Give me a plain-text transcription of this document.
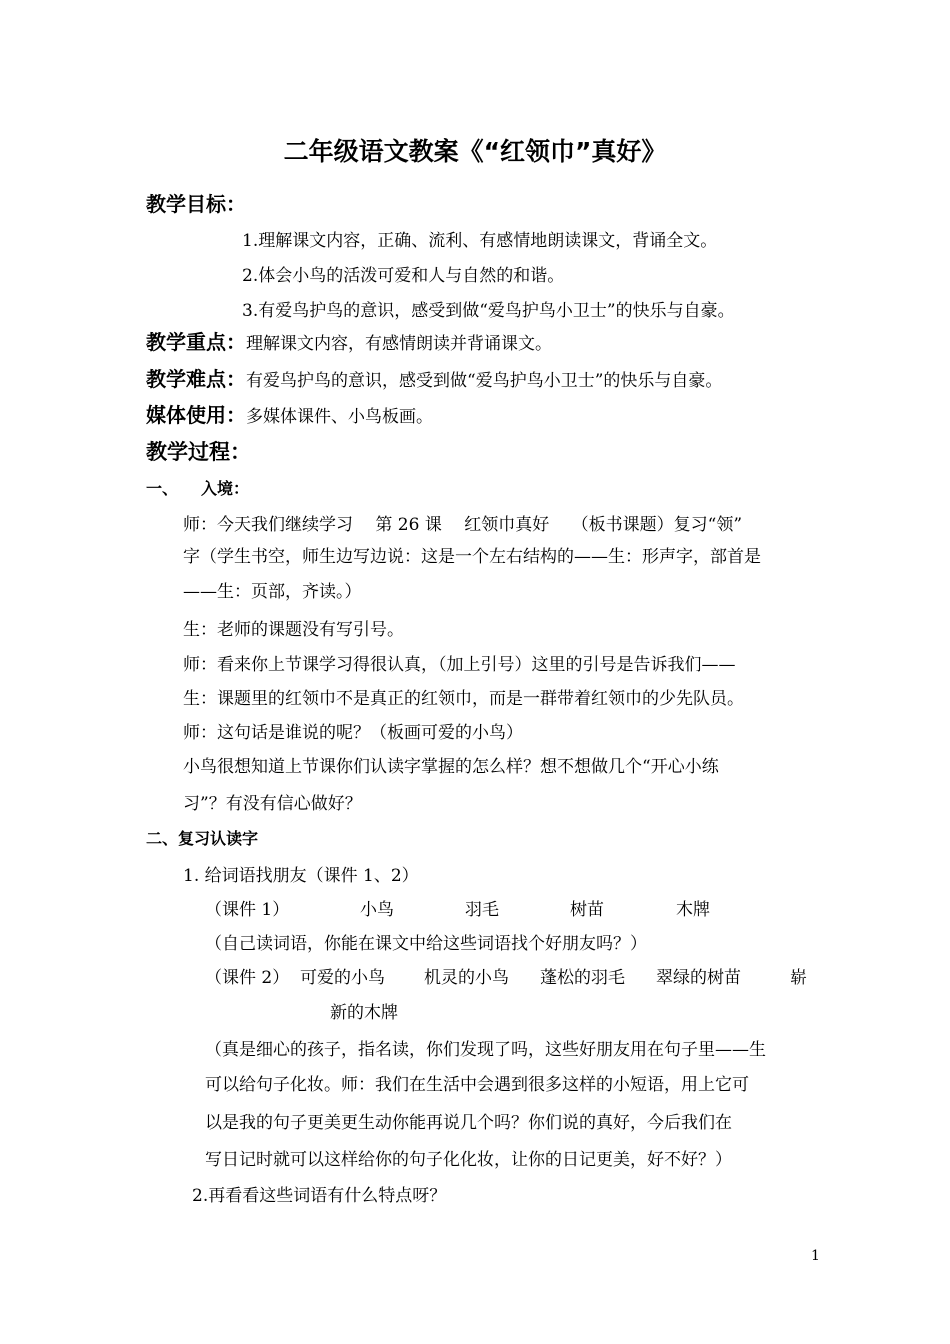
二年级语文教案《“红领巾”真好》
教学目标：
1.理解课文内容，正确、流利、有感情地朗读课文，背诵全文。
2.体会小鸟的活泼可爱和人与自然的和谐。
3.有爱鸟护鸟的意识，感受到做“爱鸟护鸟小卫士”的快乐与自豪。
教学重点：理解课文内容，有感情朗读并背诵课文。
教学难点：有爱鸟护鸟的意识，感受到做“爱鸟护鸟小卫士”的快乐与自豪。
媒体使用：多媒体课件、小鸟板画。
教学过程：
一、 入境：
师：今天我们继续学习　 第 26 课　 红领巾真好　 （板书课题）复习“领”
字（学生书空，师生边写边说：这是一个左右结构的——生：形声字，部首是
——生：页部，齐读。）
生：老师的课题没有写引号。
师：看来你上节课学习得很认真，（加上引号）这里的引号是告诉我们——
生：课题里的红领巾不是真正的红领巾，而是一群带着红领巾的少先队员。
师：这句话是谁说的呢？（板画可爱的小鸟）
小鸟很想知道上节课你们认读字掌握的怎么样？想不想做几个“开心小练
习”？有没有信心做好？
二、复习认读字
1. 给词语找朋友（课件 1、2）
（课件 1）	小鸟	羽毛	树苗	木牌
（自己读词语，你能在课文中给这些词语找个好朋友吗？）
（课件 2） 可爱的小鸟 机灵的小鸟 蓬松的羽毛 翠绿的树苗	崭
新的木牌
（真是细心的孩子，指名读，你们发现了吗，这些好朋友用在句子里——生
可以给句子化妆。师：我们在生活中会遇到很多这样的小短语，用上它可
以是我的句子更美更生动你能再说几个吗？你们说的真好，今后我们在
写日记时就可以这样给你的句子化化妆，让你的日记更美，好不好？）
2.再看看这些词语有什么特点呀？
1
